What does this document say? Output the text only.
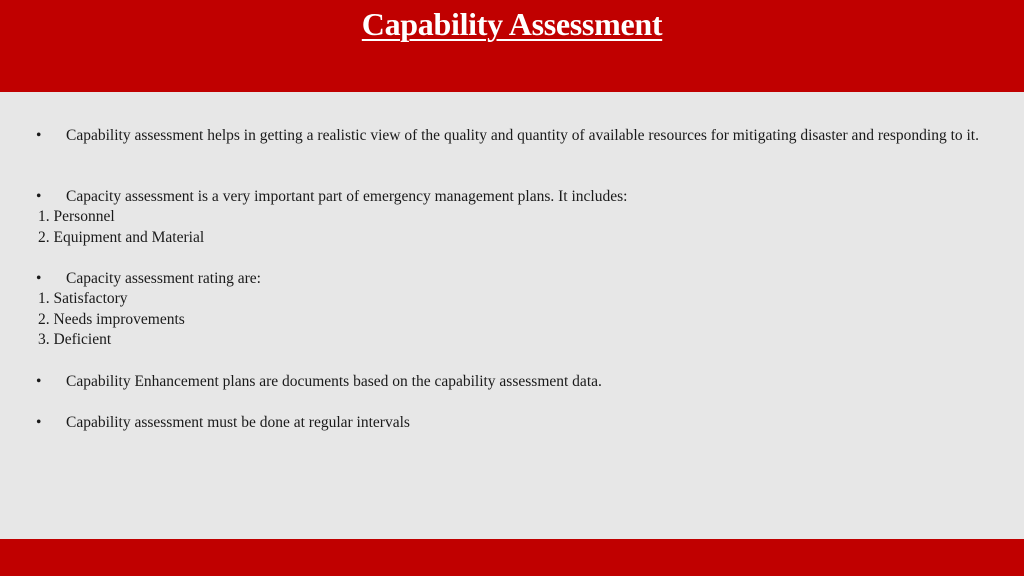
Capability Assessment
• Capability assessment helps in getting a realistic view of the quality and quantity of available resources for mitigating disaster and responding to it.
• Capacity assessment is a very important part of emergency management plans. It includes:
1. Personnel
2. Equipment and Material
• Capacity assessment rating are:
1. Satisfactory
2. Needs improvements
3. Deficient
• Capability Enhancement plans are documents based on the capability assessment data.
• Capability assessment must be done at regular intervals
